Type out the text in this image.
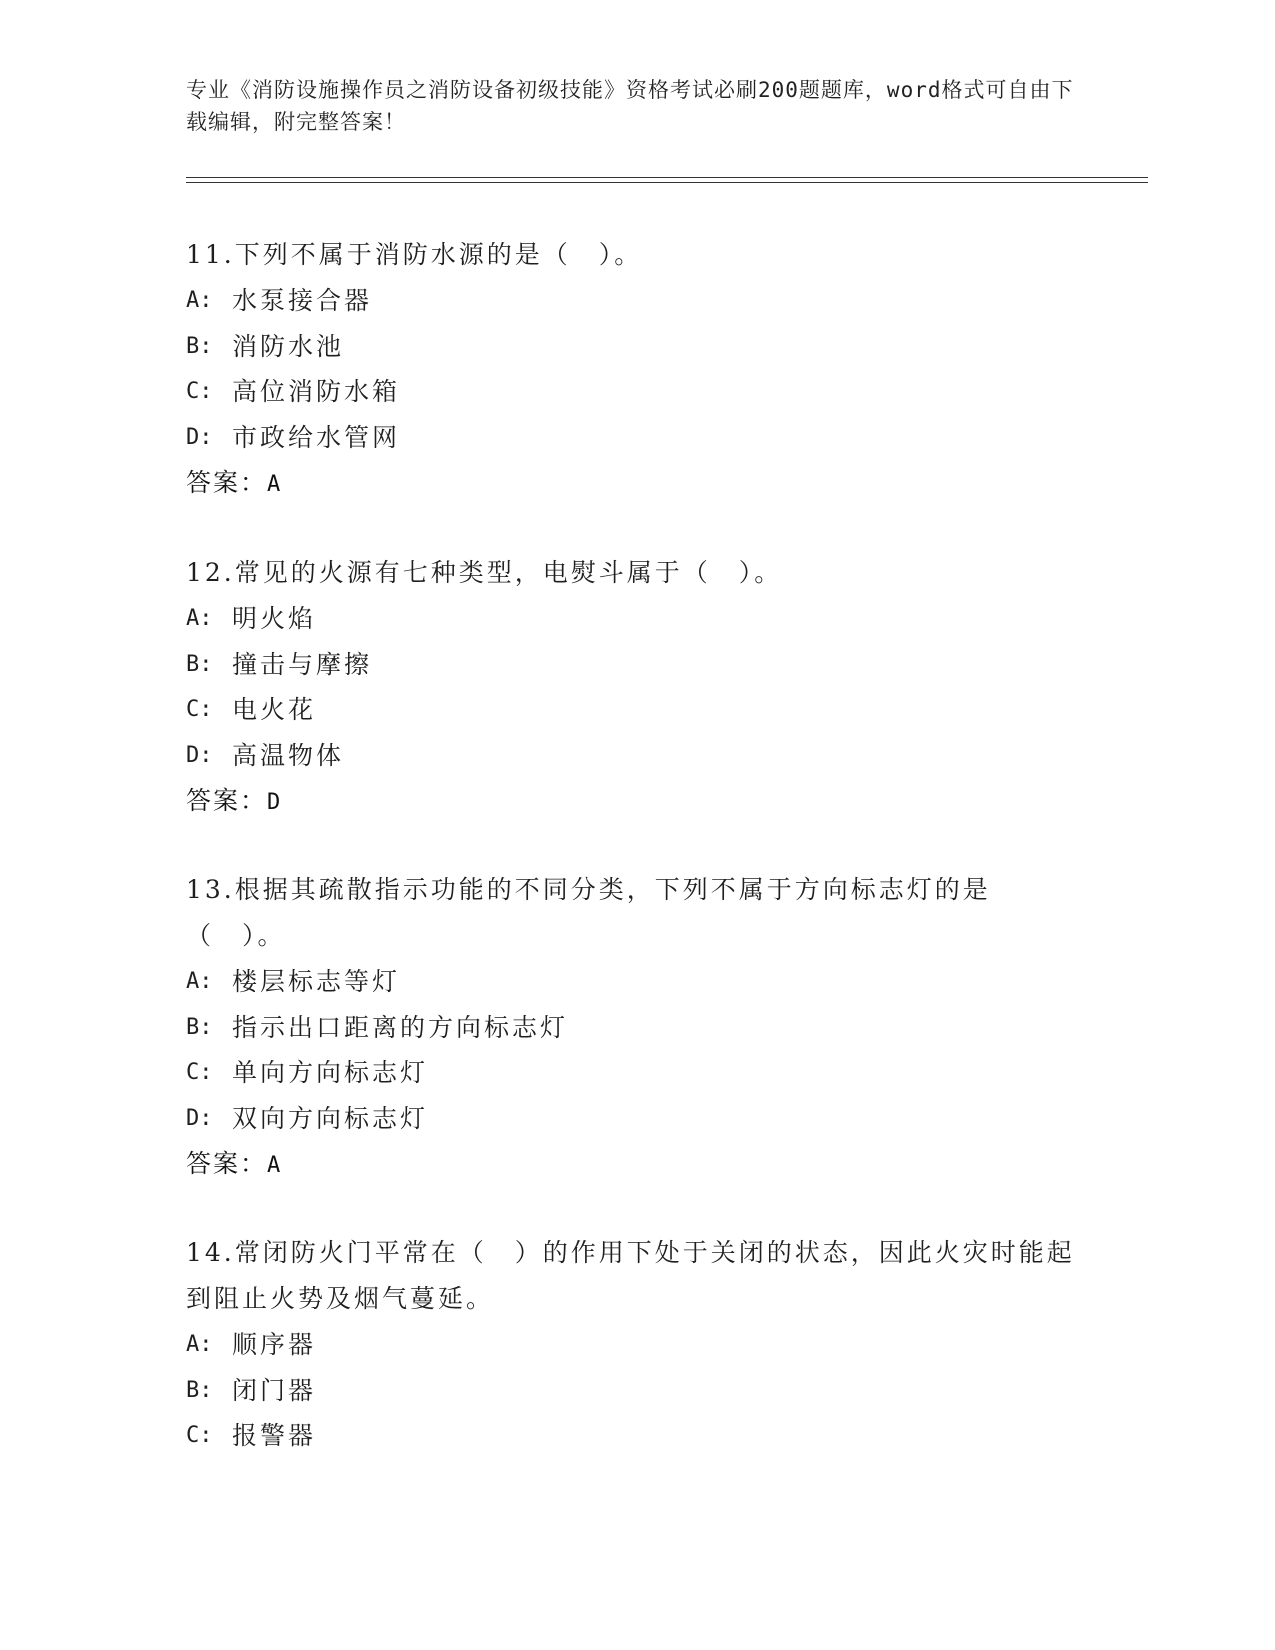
专业《消防设施操作员之消防设备初级技能》资格考试必刷200题题库，word格式可自由下载编辑，附完整答案！

11.下列不属于消防水源的是（　）。

A: 水泵接合器

B: 消防水池

C: 高位消防水箱

D: 市政给水管网

答案：A

12.常见的火源有七种类型，电熨斗属于（　）。

A: 明火焰

B: 撞击与摩擦

C: 电火花

D: 高温物体

答案：D

13.根据其疏散指示功能的不同分类，下列不属于方向标志灯的是（　）。

A: 楼层标志等灯

B: 指示出口距离的方向标志灯

C: 单向方向标志灯

D: 双向方向标志灯

答案：A

14.常闭防火门平常在（　）的作用下处于关闭的状态，因此火灾时能起到阻止火势及烟气蔓延。

A: 顺序器

B: 闭门器

C: 报警器
